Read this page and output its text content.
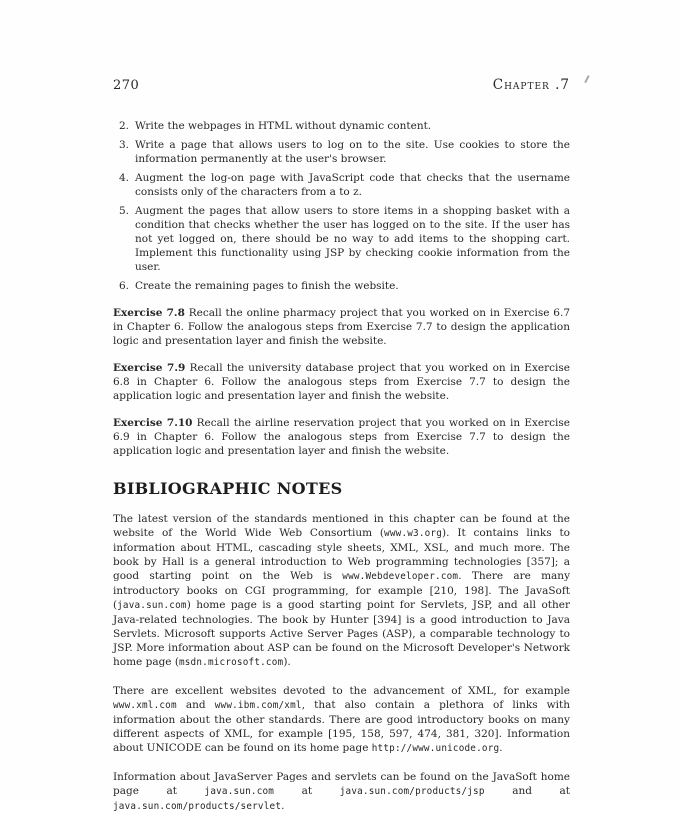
270	Chapter .7
2. Write the webpages in HTML without dynamic content.
3. Write a page that allows users to log on to the site. Use cookies to store the information permanently at the user's browser.
4. Augment the log-on page with JavaScript code that checks that the username consists only of the characters from a to z.
5. Augment the pages that allow users to store items in a shopping basket with a condition that checks whether the user has logged on to the site. If the user has not yet logged on, there should be no way to add items to the shopping cart. Implement this functionality using JSP by checking cookie information from the user.
6. Create the remaining pages to finish the website.

Exercise 7.8 Recall the online pharmacy project that you worked on in Exercise 6.7 in Chapter 6. Follow the analogous steps from Exercise 7.7 to design the application logic and presentation layer and finish the website.

Exercise 7.9 Recall the university database project that you worked on in Exercise 6.8 in Chapter 6. Follow the analogous steps from Exercise 7.7 to design the application logic and presentation layer and finish the website.

Exercise 7.10 Recall the airline reservation project that you worked on in Exercise 6.9 in Chapter 6. Follow the analogous steps from Exercise 7.7 to design the application logic and presentation layer and finish the website.

BIBLIOGRAPHIC NOTES

The latest version of the standards mentioned in this chapter can be found at the website of the World Wide Web Consortium (www.w3.org). It contains links to information about HTML, cascading style sheets, XML, XSL, and much more. The book by Hall is a general introduction to Web programming technologies [357]; a good starting point on the Web is www.Webdeveloper.com. There are many introductory books on CGI programming, for example [210, 198]. The JavaSoft (java.sun.com) home page is a good starting point for Servlets, JSP, and all other Java-related technologies. The book by Hunter [394] is a good introduction to Java Servlets. Microsoft supports Active Server Pages (ASP), a comparable technology to JSP. More information about ASP can be found on the Microsoft Developer's Network home page (msdn.microsoft.com).

There are excellent websites devoted to the advancement of XML, for example www.xml.com and www.ibm.com/xml, that also contain a plethora of links with information about the other standards. There are good introductory books on many different aspects of XML, for example [195, 158, 597, 474, 381, 320]. Information about UNICODE can be found on its home page http://www.unicode.org.

Information about JavaServer Pages and servlets can be found on the JavaSoft home page at java.sun.com at java.sun.com/products/jsp and at java.sun.com/products/servlet.
